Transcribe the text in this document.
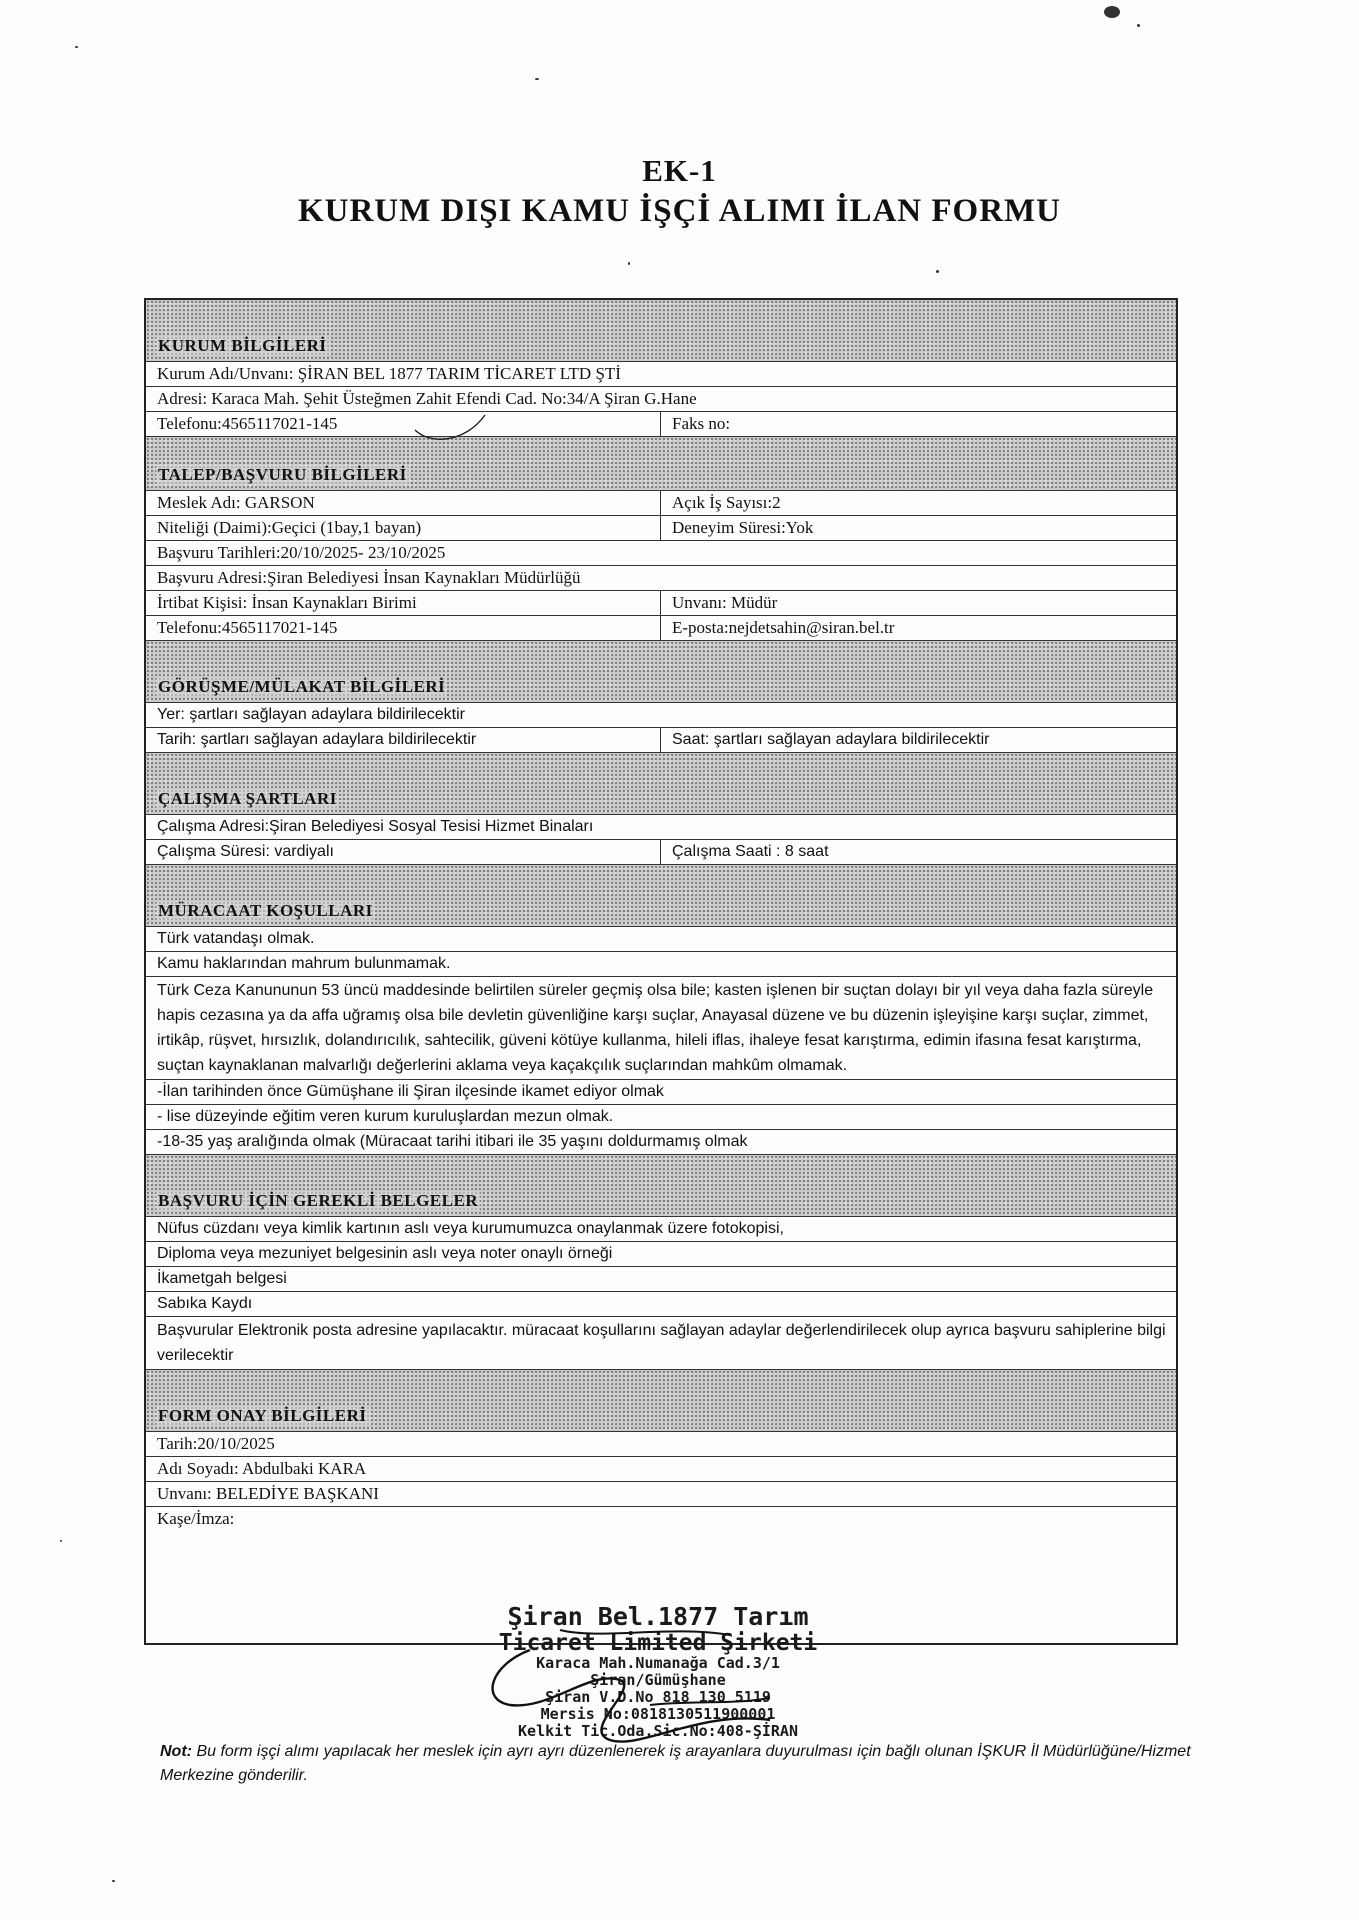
EK-1
KURUM DIŞI KAMU İŞÇİ ALIMI İLAN FORMU
KURUM BİLGİLERİ
Kurum Adı/Unvanı: ŞİRAN BEL 1877 TARIM TİCARET LTD ŞTİ
Adresi: Karaca Mah. Şehit Üsteğmen Zahit Efendi Cad. No:34/A Şiran G.Hane
Telefonu:4565117021-145	Faks no:
TALEP/BAŞVURU BİLGİLERİ
Meslek Adı: GARSON	Açık İş Sayısı:2
Niteliği (Daimi):Geçici (1bay,1 bayan)	Deneyim Süresi:Yok
Başvuru Tarihleri:20/10/2025- 23/10/2025
Başvuru Adresi:Şiran Belediyesi İnsan Kaynakları Müdürlüğü
İrtibat Kişisi: İnsan Kaynakları Birimi	Unvanı: Müdür
Telefonu:4565117021-145	E-posta:nejdetsahin@siran.bel.tr
GÖRÜŞME/MÜLAKAT BİLGİLERİ
Yer: şartları sağlayan adaylara bildirilecektir
Tarih: şartları sağlayan adaylara bildirilecektir	Saat: şartları sağlayan adaylara bildirilecektir
ÇALIŞMA ŞARTLARI
Çalışma Adresi:Şiran Belediyesi Sosyal Tesisi Hizmet Binaları
Çalışma Süresi: vardiyalı	Çalışma Saati : 8 saat
MÜRACAAT KOŞULLARI
Türk vatandaşı olmak.
Kamu haklarından mahrum bulunmamak.
Türk Ceza Kanununun 53 üncü maddesinde belirtilen süreler geçmiş olsa bile; kasten işlenen bir suçtan dolayı bir yıl veya daha fazla süreyle hapis cezasına ya da affa uğramış olsa bile devletin güvenliğine karşı suçlar, Anayasal düzene ve bu düzenin işleyişine karşı suçlar, zimmet, irtikâp, rüşvet, hırsızlık, dolandırıcılık, sahtecilik, güveni kötüye kullanma, hileli iflas, ihaleye fesat karıştırma, edimin ifasına fesat karıştırma, suçtan kaynaklanan malvarlığı değerlerini aklama veya kaçakçılık suçlarından mahkûm olmamak.
-İlan tarihinden önce Gümüşhane ili Şiran ilçesinde ikamet ediyor olmak
- lise düzeyinde eğitim veren kurum kuruluşlardan mezun olmak.
-18-35 yaş aralığında olmak (Müracaat tarihi itibari ile 35 yaşını doldurmamış olmak
BAŞVURU İÇİN GEREKLİ BELGELER
Nüfus cüzdanı veya kimlik kartının aslı veya kurumumuzca onaylanmak üzere fotokopisi,
Diploma veya mezuniyet belgesinin aslı veya noter onaylı örneği
İkametgah belgesi
Sabıka Kaydı
Başvurular Elektronik posta adresine yapılacaktır. müracaat koşullarını sağlayan adaylar değerlendirilecek olup ayrıca başvuru sahiplerine bilgi verilecektir
FORM ONAY BİLGİLERİ
Tarih:20/10/2025
Adı Soyadı: Abdulbaki KARA
Unvanı: BELEDİYE BAŞKANI
Kaşe/İmza:
Şiran Bel.1877 Tarım
Ticaret Limited Şirketi
Karaca Mah.Numanağa Cad.3/1
Şiran/Gümüşhane
Şiran V.D.No 818 130 5119
Mersis No:0818130511900001
Kelkit Tic.Oda.Sic.No:408-ŞİRAN
Not: Bu form işçi alımı yapılacak her meslek için ayrı ayrı düzenlenerek iş arayanlara duyurulması için bağlı olunan İŞKUR İl Müdürlüğüne/Hizmet Merkezine gönderilir.
